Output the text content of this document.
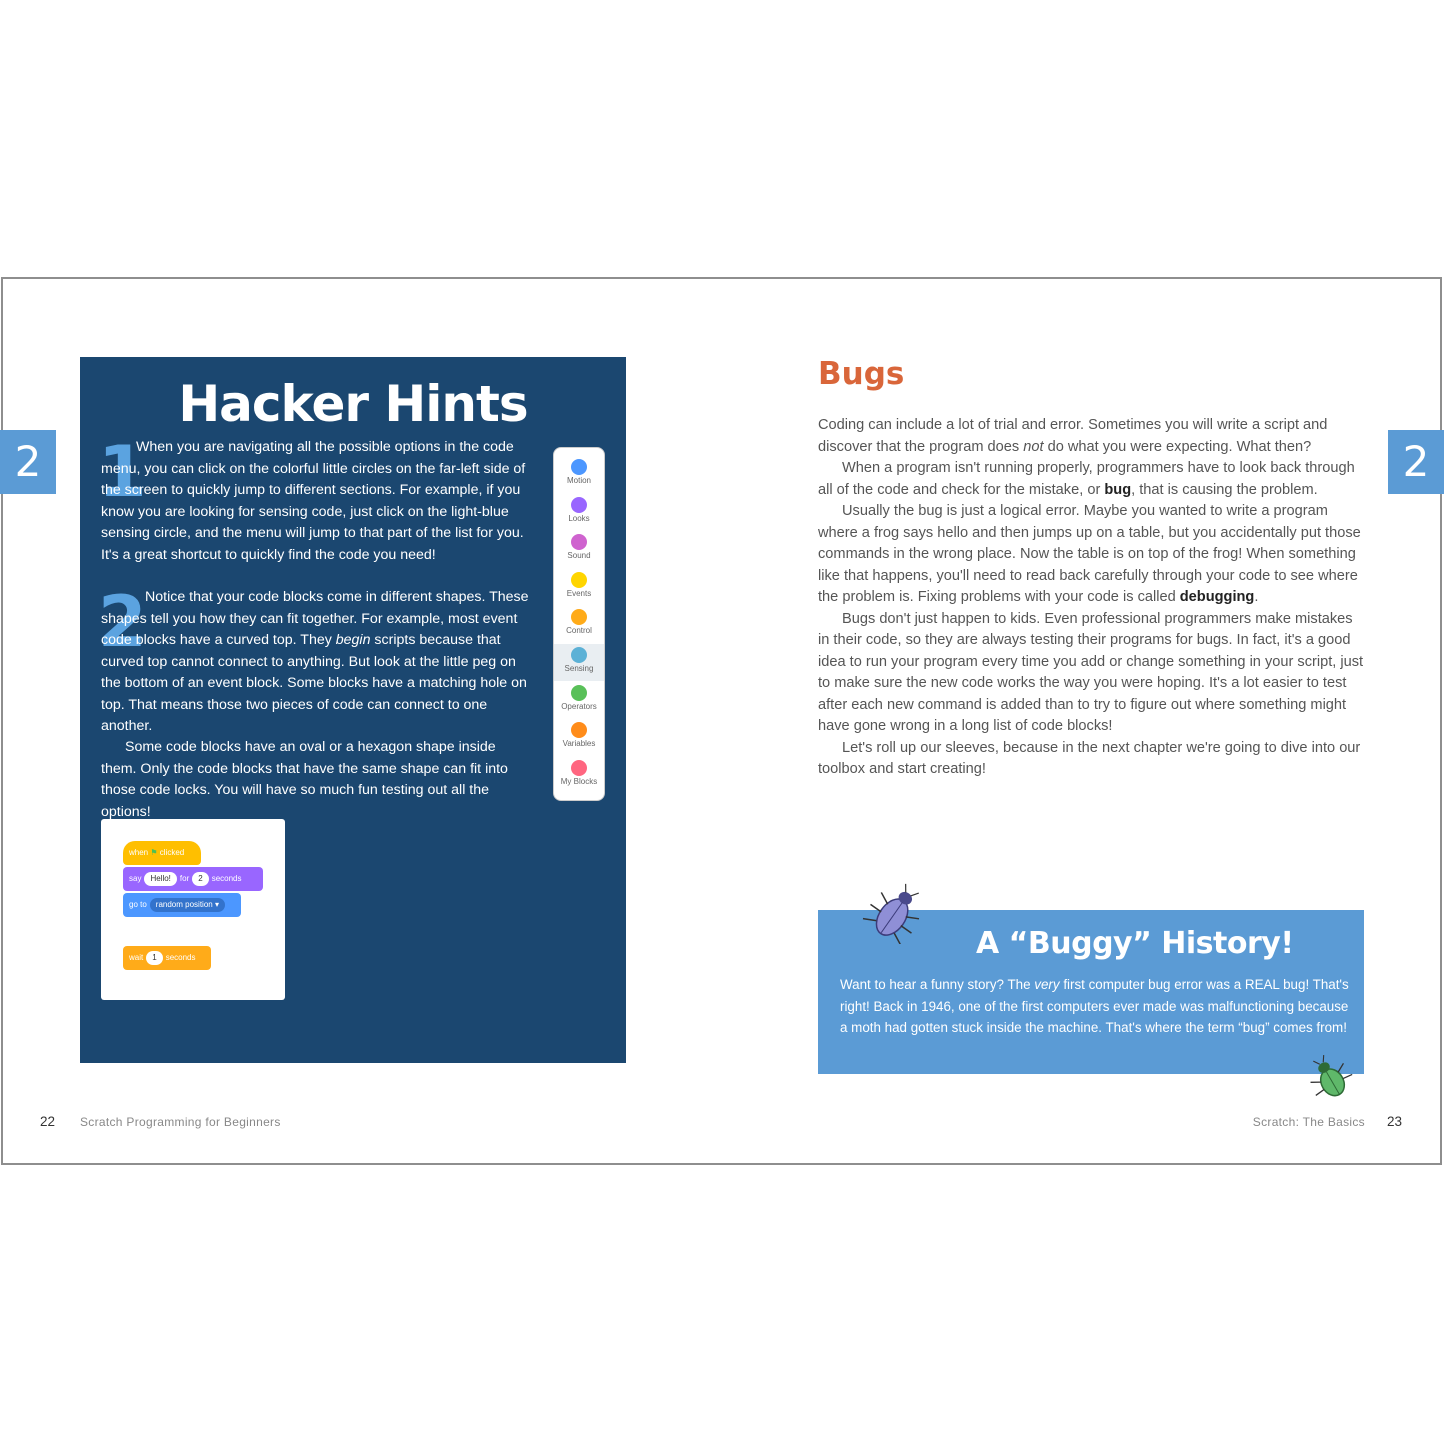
2	2
Hacker Hints
1
When you are navigating all the possible options in the code menu, you can click on the colorful little circles on the far-left side of the screen to quickly jump to different sections. For example, if you know you are looking for sensing code, just click on the light-blue sensing circle, and the menu will jump to that part of the list for you. It's a great shortcut to quickly find the code you need!
2
Notice that your code blocks come in different shapes. These shapes tell you how they can fit together. For example, most event code blocks have a curved top. They begin scripts because that curved top cannot connect to anything. But look at the little peg on the bottom of an event block. Some blocks have a matching hole on top. That means those two pieces of code can connect to one another.
Some code blocks have an oval or a hexagon shape inside them. Only the code blocks that have the same shape can fit into those code locks. You will have so much fun testing out all the options!
Motion
Looks
Sound
Events
Control
Sensing
Operators
Variables
My Blocks
when ⚑ clicked
say Hello! for 2 seconds
go to random position ▾
wait 1 seconds
Bugs

Coding can include a lot of trial and error. Sometimes you will write a script and discover that the program does not do what you were expecting. What then?

When a program isn't running properly, programmers have to look back through all of the code and check for the mistake, or bug, that is causing the problem.

Usually the bug is just a logical error. Maybe you wanted to write a program where a frog says hello and then jumps up on a table, but you accidentally put those commands in the wrong place. Now the table is on top of the frog! When something like that happens, you'll need to read back carefully through your code to see where the problem is. Fixing problems with your code is called debugging.

Bugs don't just happen to kids. Even professional programmers make mistakes in their code, so they are always testing their programs for bugs. In fact, it's a good idea to run your program every time you add or change something in your script, just to make sure the new code works the way you were hoping. It's a lot easier to test after each new command is added than to try to figure out where something might have gone wrong in a long list of code blocks!

Let's roll up our sleeves, because in the next chapter we're going to dive into our toolbox and start creating!

A “Buggy” History!
Want to hear a funny story? The very first computer bug error was a REAL bug! That's right! Back in 1946, one of the first computers ever made was malfunctioning because a moth had gotten stuck inside the machine. That's where the term “bug” comes from!
22 Scratch Programming for Beginners	Scratch: The Basics 23
